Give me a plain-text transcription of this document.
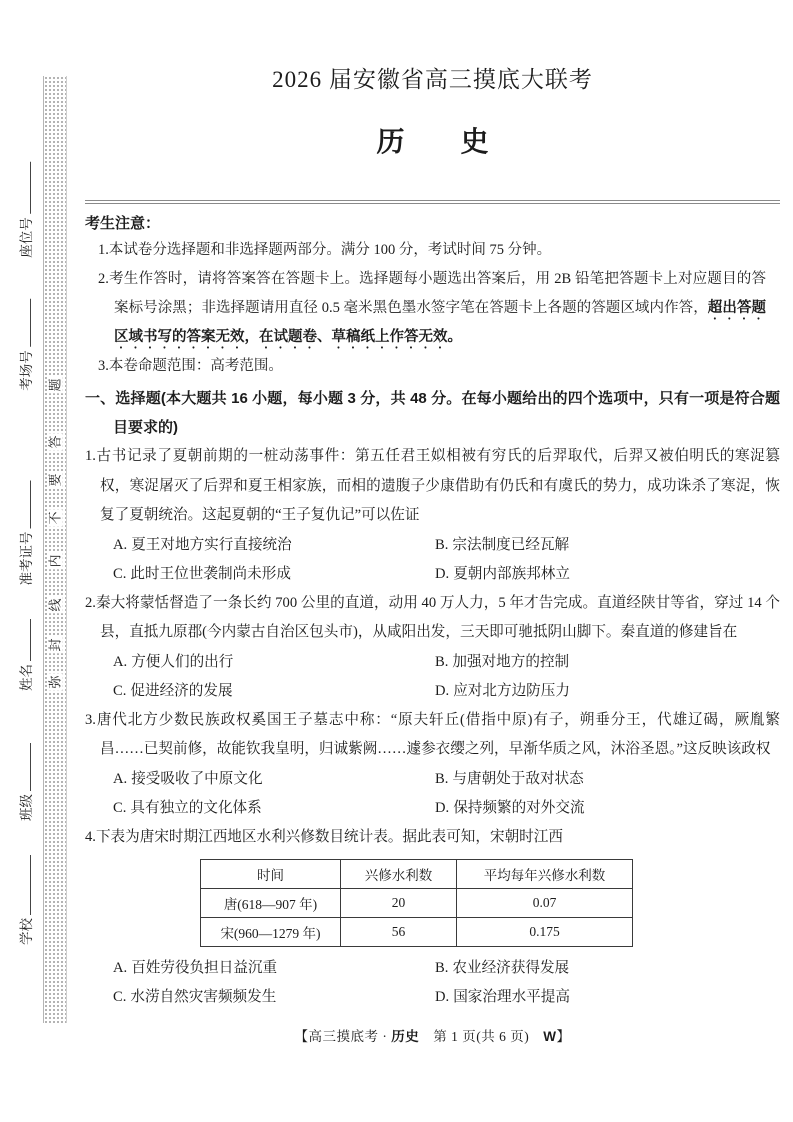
题
答
要
不
内
线
封
弥
座位号
考场号
准考证号
姓名
班级
学校
2026 届安徽省高三摸底大联考
历　　史
考生注意：
1.本试卷分选择题和非选择题两部分。满分 100 分，考试时间 75 分钟。
2.考生作答时，请将答案答在答题卡上。选择题每小题选出答案后，用 2B 铅笔把答题卡上对应题目的答案标号涂黑；非选择题请用直径 0.5 毫米黑色墨水签字笔在答题卡上各题的答题区域内作答，超出答题区域书写的答案无效，在试题卷、草稿纸上作答无效。
3.本卷命题范围：高考范围。
一、选择题(本大题共 16 小题，每小题 3 分，共 48 分。在每小题给出的四个选项中，只有一项是符合题目要求的)
1.古书记录了夏朝前期的一桩动荡事件：第五任君王姒相被有穷氏的后羿取代，后羿又被伯明氏的寒浞篡权，寒浞屠灭了后羿和夏王相家族，而相的遗腹子少康借助有仍氏和有虞氏的势力，成功诛杀了寒浞，恢复了夏朝统治。这起夏朝的“王子复仇记”可以佐证
A. 夏王对地方实行直接统治	B. 宗法制度已经瓦解
C. 此时王位世袭制尚未形成	D. 夏朝内部族邦林立
2.秦大将蒙恬督造了一条长约 700 公里的直道，动用 40 万人力，5 年才告完成。直道经陕甘等省，穿过 14 个县，直抵九原郡(今内蒙古自治区包头市)，从咸阳出发，三天即可驰抵阴山脚下。秦直道的修建旨在
A. 方便人们的出行	B. 加强对地方的控制
C. 促进经济的发展	D. 应对北方边防压力
3.唐代北方少数民族政权奚国王子墓志中称：“原夫轩丘(借指中原)有子，朔垂分王，代雄辽碣，厥胤繁昌……已契前修，故能钦我皇明，归诚紫阙……遽参衣缨之列，早渐华质之风，沐浴圣恩。”这反映该政权
A. 接受吸收了中原文化	B. 与唐朝处于敌对状态
C. 具有独立的文化体系	D. 保持频繁的对外交流
4.下表为唐宋时期江西地区水利兴修数目统计表。据此表可知，宋朝时江西
时间	兴修水利数	平均每年兴修水利数
唐(618—907 年)	20	0.07
宋(960—1279 年)	56	0.175
A. 百姓劳役负担日益沉重	B. 农业经济获得发展
C. 水涝自然灾害频频发生	D. 国家治理水平提高
【高三摸底考 · 历史　第 1 页(共 6 页)　W】
